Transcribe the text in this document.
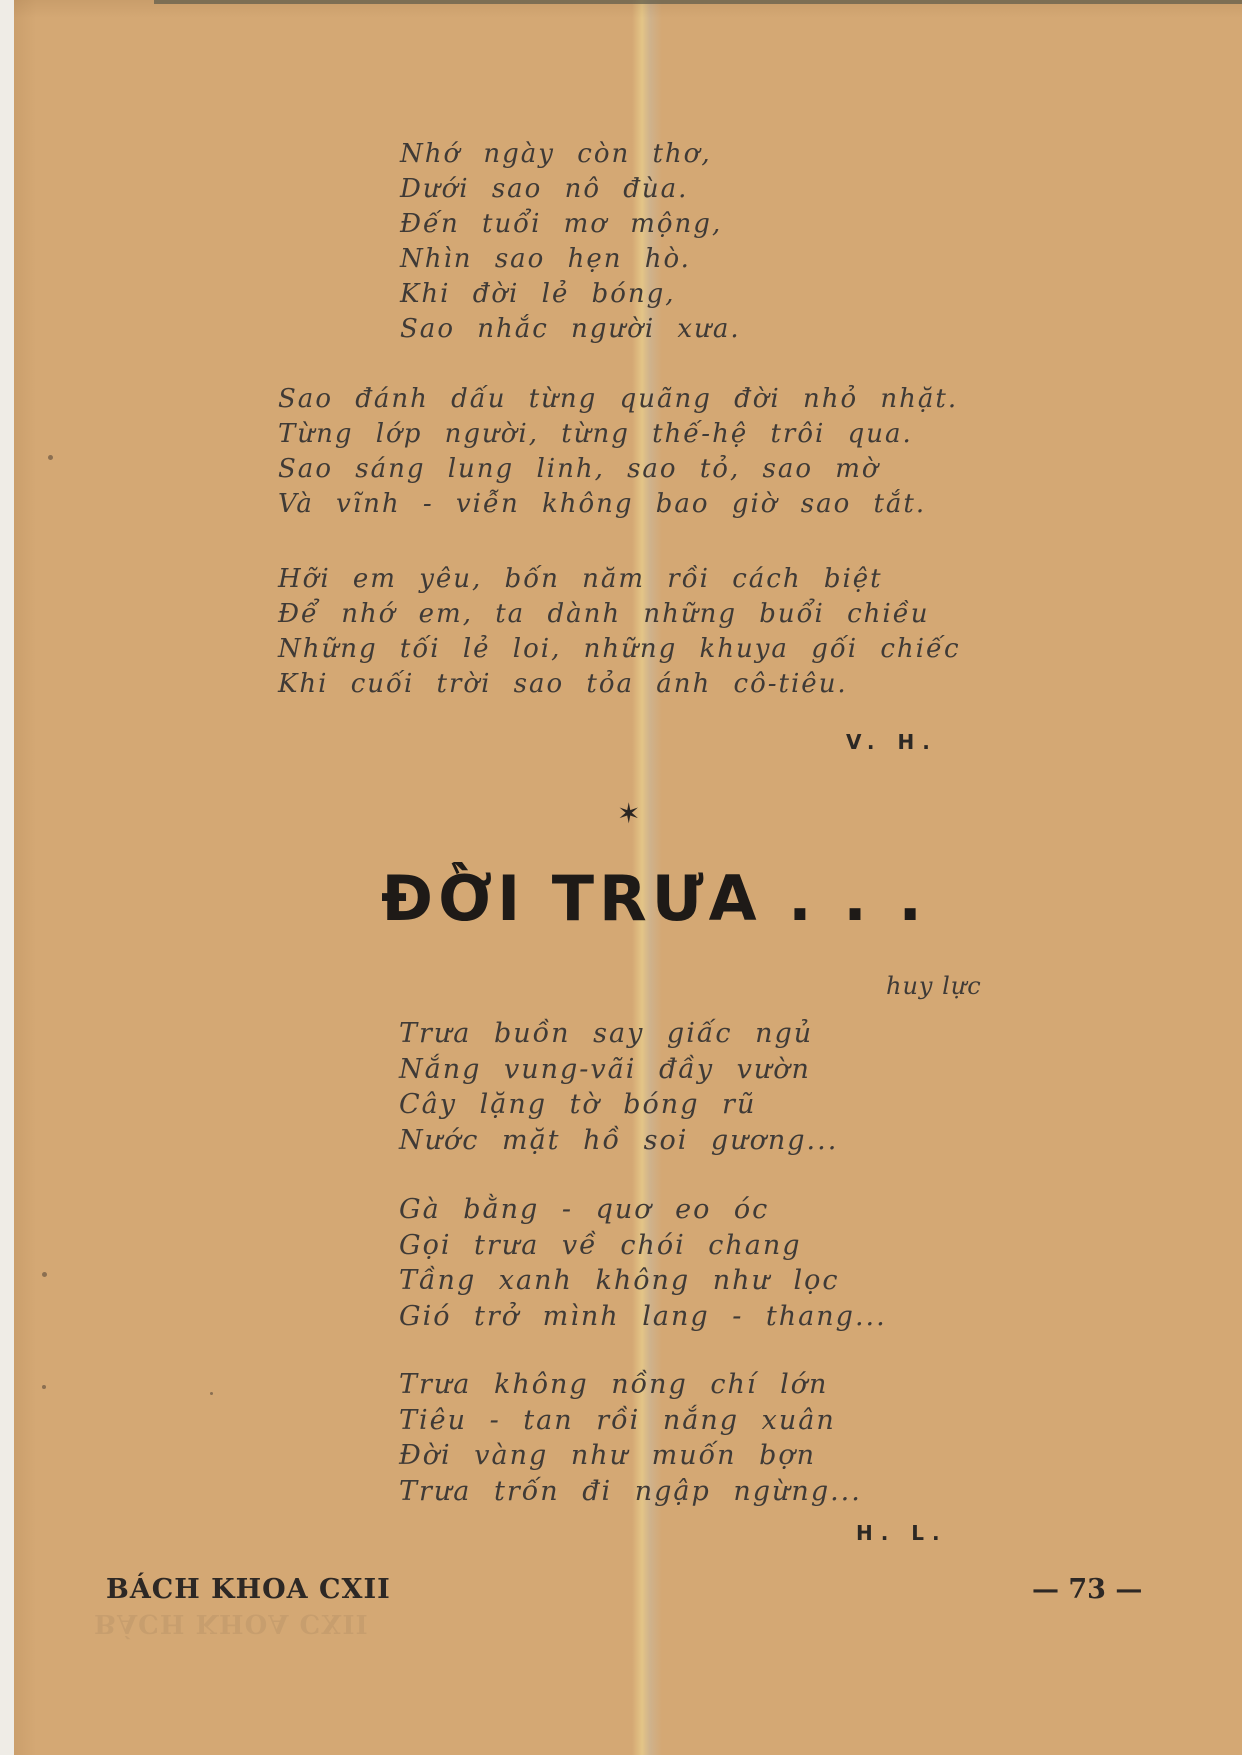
Nhớ ngày còn thơ,
Dưới sao nô đùa.
Đến tuổi mơ mộng,
Nhìn sao hẹn hò.
Khi đời lẻ bóng,
Sao nhắc người xưa.
Sao đánh dấu từng quãng đời nhỏ nhặt.
Từng lớp người, từng thế-hệ trôi qua.
Sao sáng lung linh, sao tỏ, sao mờ
Và vĩnh - viễn không bao giờ sao tắt.
Hỡi em yêu, bốn năm rồi cách biệt
Để nhớ em, ta dành những buổi chiều
Những tối lẻ loi, những khuya gối chiếc
Khi cuối trời sao tỏa ánh cô-tiêu.

V. H.

✶
ĐỜI TRƯA . . .

huy lực

Trưa buồn say giấc ngủ
Nắng vung-vãi đầy vườn
Cây lặng tờ bóng rũ
Nước mặt hồ soi gương...
Gà bằng - quơ eo óc
Gọi trưa về chói chang
Tầng xanh không như lọc
Gió trở mình lang - thang...
Trưa không nồng chí lớn
Tiêu - tan rồi nắng xuân
Đời vàng như muốn bợn
Trưa trốn đi ngập ngừng...

H. L.

BÁCH KHOA CXII

BÁCH KHOA CXII

— 73 —
